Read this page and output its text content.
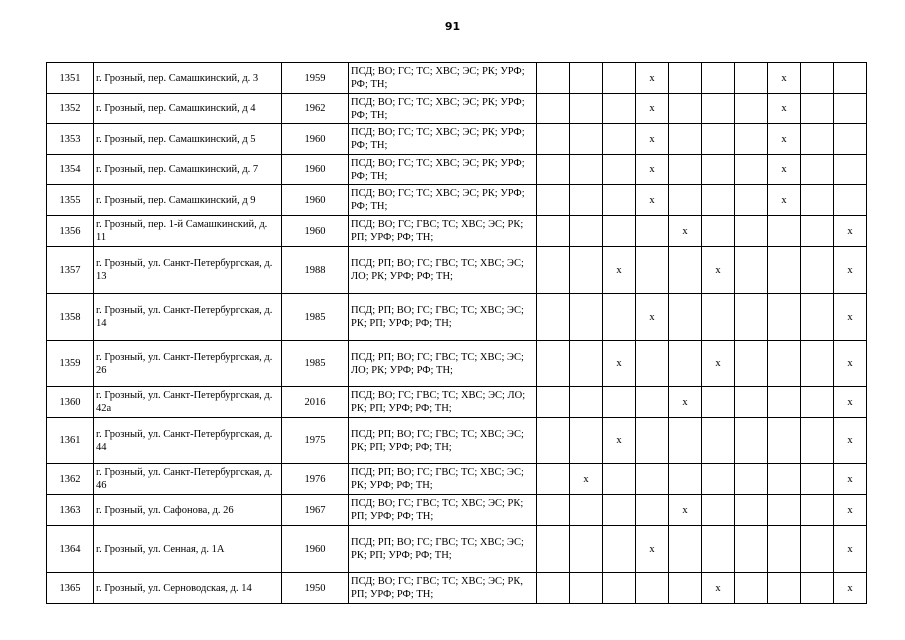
91
1351	г. Грозный, пер. Самашкинский, д. 3	1959	ПСД; ВО; ГС; ТС; ХВС; ЭС; РК; УРФ; РФ; ТН;				x				x		
1352	г. Грозный, пер. Самашкинский, д 4	1962	ПСД; ВО; ГС; ТС; ХВС; ЭС; РК; УРФ; РФ; ТН;				x				x		
1353	г. Грозный, пер. Самашкинский, д 5	1960	ПСД; ВО; ГС; ТС; ХВС; ЭС; РК; УРФ; РФ; ТН;				x				x		
1354	г. Грозный, пер. Самашкинский, д. 7	1960	ПСД; ВО; ГС; ТС; ХВС; ЭС; РК; УРФ; РФ; ТН;				x				x		
1355	г. Грозный, пер. Самашкинский, д 9	1960	ПСД; ВО; ГС; ТС; ХВС; ЭС; РК; УРФ; РФ; ТН;				x				x		
1356	г. Грозный, пер. 1-й Самашкинский, д. 11	1960	ПСД; ВО; ГС; ГВС; ТС; ХВС; ЭС; РК; РП; УРФ; РФ; ТН;					x					x
1357	г. Грозный, ул. Санкт-Петербургская, д. 13	1988	ПСД; РП; ВО; ГС; ГВС; ТС; ХВС; ЭС; ЛО; РК; УРФ; РФ; ТН;			x			x				x
1358	г. Грозный, ул. Санкт-Петербургская, д. 14	1985	ПСД; РП; ВО; ГС; ГВС; ТС; ХВС; ЭС; РК; РП; УРФ; РФ; ТН;				x						x
1359	г. Грозный, ул. Санкт-Петербургская, д. 26	1985	ПСД; РП; ВО; ГС; ГВС; ТС; ХВС; ЭС; ЛО; РК; УРФ; РФ; ТН;			x			x				x
1360	г. Грозный, ул. Санкт-Петербургская, д. 42а	2016	ПСД; ВО; ГС; ГВС; ТС; ХВС; ЭС; ЛО; РК; РП; УРФ; РФ; ТН;					x					x
1361	г. Грозный, ул. Санкт-Петербургская, д. 44	1975	ПСД; РП; ВО; ГС; ГВС; ТС; ХВС; ЭС; РК; РП; УРФ; РФ; ТН;			x							x
1362	г. Грозный, ул. Санкт-Петербургская, д. 46	1976	ПСД; РП; ВО; ГС; ГВС; ТС; ХВС; ЭС; РК; УРФ; РФ; ТН;		x								x
1363	г. Грозный, ул. Сафонова, д. 26	1967	ПСД; ВО; ГС; ГВС; ТС; ХВС; ЭС; РК; РП; УРФ; РФ; ТН;					x					x
1364	г. Грозный, ул. Сенная, д. 1А	1960	ПСД; РП; ВО; ГС; ГВС; ТС; ХВС; ЭС; РК; РП; УРФ; РФ; ТН;				x						x
1365	г. Грозный, ул. Серноводская, д. 14	1950	ПСД; ВО; ГС; ГВС; ТС; ХВС; ЭС; РК, РП; УРФ; РФ; ТН;						x				x
